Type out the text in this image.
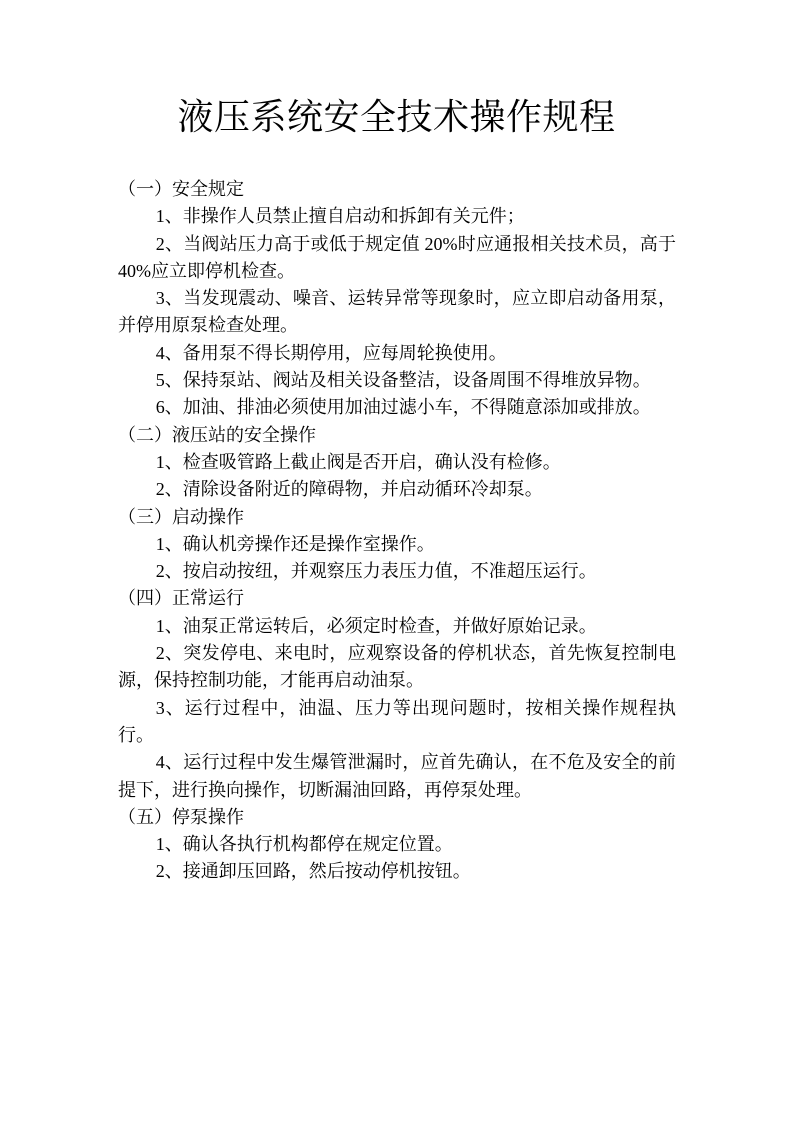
液压系统安全技术操作规程

（一）安全规定

1、非操作人员禁止擅自启动和拆卸有关元件；

2、当阀站压力高于或低于规定值 20%时应通报相关技术员，高于 40%应立即停机检查。

3、当发现震动、噪音、运转异常等现象时，应立即启动备用泵，并停用原泵检查处理。

4、备用泵不得长期停用，应每周轮换使用。

5、保持泵站、阀站及相关设备整洁，设备周围不得堆放异物。

6、加油、排油必须使用加油过滤小车，不得随意添加或排放。

（二）液压站的安全操作

1、检查吸管路上截止阀是否开启，确认没有检修。

2、清除设备附近的障碍物，并启动循环冷却泵。

（三）启动操作

1、确认机旁操作还是操作室操作。

2、按启动按纽，并观察压力表压力值，不准超压运行。

（四）正常运行

1、油泵正常运转后，必须定时检查，并做好原始记录。

2、突发停电、来电时，应观察设备的停机状态，首先恢复控制电源，保持控制功能，才能再启动油泵。

3、运行过程中，油温、压力等出现问题时，按相关操作规程执行。

4、运行过程中发生爆管泄漏时，应首先确认，在不危及安全的前提下，进行换向操作，切断漏油回路，再停泵处理。

（五）停泵操作

1、确认各执行机构都停在规定位置。

2、接通卸压回路，然后按动停机按钮。
